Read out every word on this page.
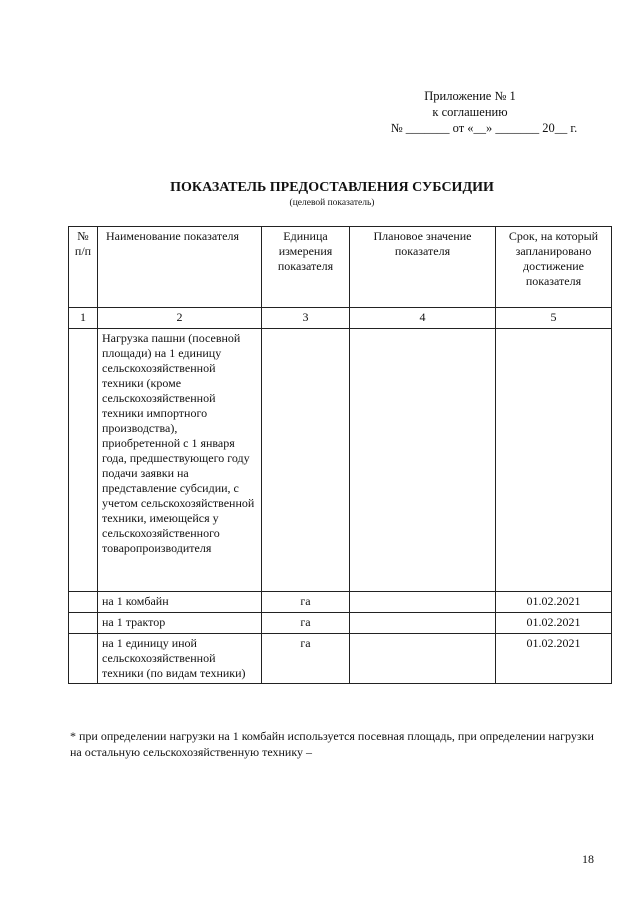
Приложение № 1
к соглашению
№ _______ от «__» _______ 20__ г.
ПОКАЗАТЕЛЬ ПРЕДОСТАВЛЕНИЯ СУБСИДИИ
(целевой показатель)
№ п/п	Наименование показателя	Единица измерения показателя	Плановое значение показателя	Срок, на который запланировано достижение показателя
1	2	3	4	5
	Нагрузка пашни (посевной площади) на 1 единицу сельскохозяйственной техники (кроме сельскохозяйственной техники импортного производства), приобретенной с 1 января года, предшествующего году подачи заявки на представление субсидии, с учетом сельскохозяйственной техники, имеющейся у сельскохозяйственного товаропроизводителя			
	на 1 комбайн	га		01.02.2021
	на 1 трактор	га		01.02.2021
	на 1 единицу иной сельскохозяйственной техники (по видам техники)	га		01.02.2021
* при определении нагрузки на 1 комбайн используется посевная площадь, при определении нагрузки на остальную сельскохозяйственную технику –
18
